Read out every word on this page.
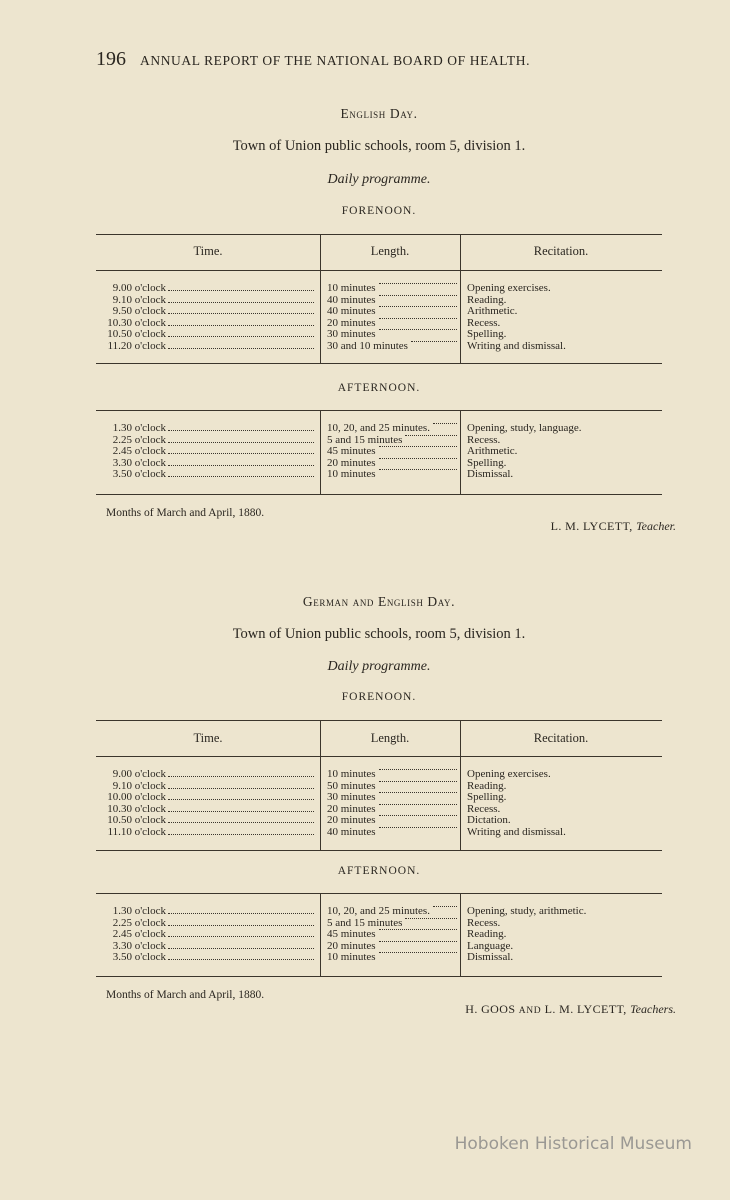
196 ANNUAL REPORT OF THE NATIONAL BOARD OF HEALTH.
English Day.
Town of Union public schools, room 5, division 1.
Daily programme.
FORENOON.
Time.	Length.	Recitation.
9.00 o'clock	10 minutes	Opening exercises.
9.10 o'clock	40 minutes	Reading.
9.50 o'clock	40 minutes	Arithmetic.
10.30 o'clock	20 minutes	Recess.
10.50 o'clock	30 minutes	Spelling.
11.20 o'clock	30 and 10 minutes	Writing and dismissal.
AFTERNOON.
1.30 o'clock	10, 20, and 25 minutes.	Opening, study, language.
2.25 o'clock	5 and 15 minutes	Recess.
2.45 o'clock	45 minutes	Arithmetic.
3.30 o'clock	20 minutes	Spelling.
3.50 o'clock	10 minutes	Dismissal.
Months of March and April, 1880.
L. M. LYCETT, Teacher.
German and English Day.
Town of Union public schools, room 5, division 1.
Daily programme.
FORENOON.
Time.	Length.	Recitation.
9.00 o'clock	10 minutes	Opening exercises.
9.10 o'clock	50 minutes	Reading.
10.00 o'clock	30 minutes	Spelling.
10.30 o'clock	20 minutes	Recess.
10.50 o'clock	20 minutes	Dictation.
11.10 o'clock	40 minutes	Writing and dismissal.
AFTERNOON.
1.30 o'clock	10, 20, and 25 minutes.	Opening, study, arithmetic.
2.25 o'clock	5 and 15 minutes	Recess.
2.45 o'clock	45 minutes	Reading.
3.30 o'clock	20 minutes	Language.
3.50 o'clock	10 minutes	Dismissal.
Months of March and April, 1880.
H. GOOS AND L. M. LYCETT, Teachers.
Hoboken Historical Museum
